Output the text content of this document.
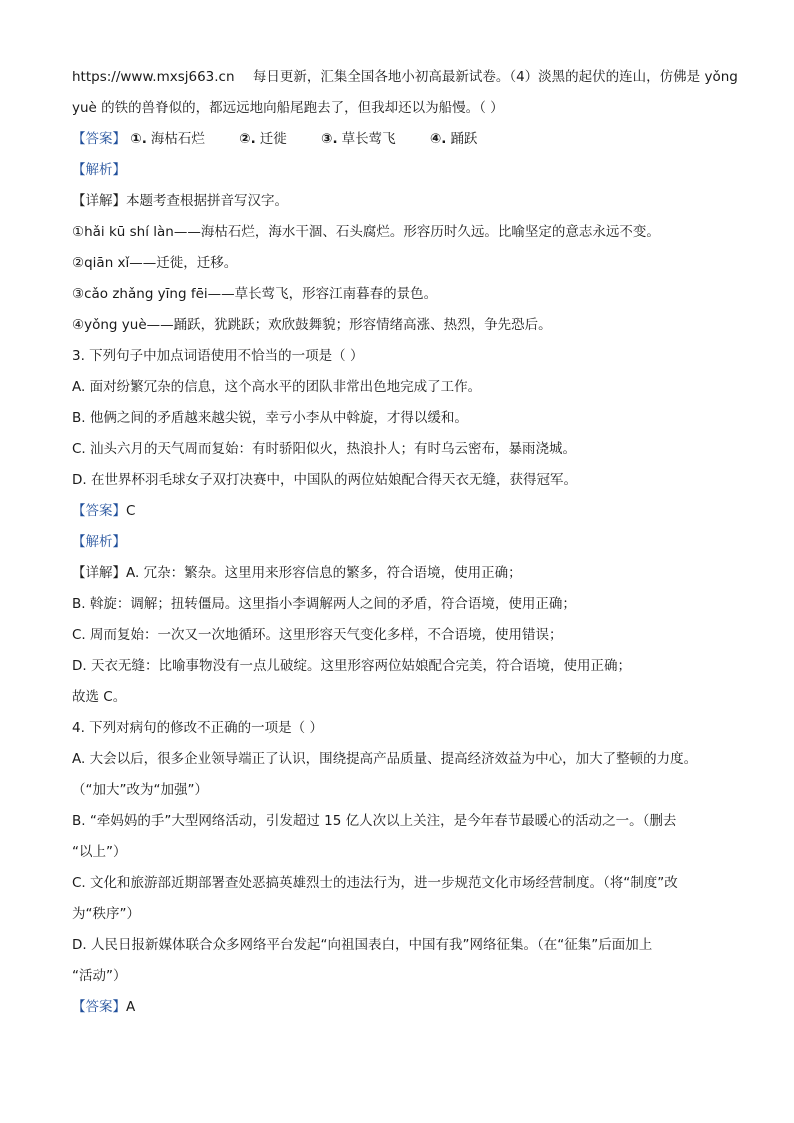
https://www.mxsj663.cn 每日更新，汇集全国各地小初高最新试卷。（4）淡黑的起伏的连山，仿佛是 yǒng
yuè 的铁的兽脊似的，都远远地向船尾跑去了，但我却还以为船慢。（ ）
【答案】 ①. 海枯石烂	②. 迁徙	③. 草长莺飞	④. 踊跃
【解析】
【详解】本题考查根据拼音写汉字。
①hǎi kū shí làn——海枯石烂，海水干涸、石头腐烂。形容历时久远。比喻坚定的意志永远不变。
②qiān xǐ——迁徙，迁移。
③cǎo zhǎng yīng fēi——草长莺飞，形容江南暮春的景色。
④yǒng yuè——踊跃，犹跳跃；欢欣鼓舞貌；形容情绪高涨、热烈，争先恐后。
3. 下列句子中加点词语使用不恰当的一项是（ ）
A. 面对纷繁冗杂的信息，这个高水平的团队非常出色地完成了工作。
B. 他俩之间的矛盾越来越尖锐，幸亏小李从中斡旋，才得以缓和。
C. 汕头六月的天气周而复始：有时骄阳似火，热浪扑人；有时乌云密布，暴雨浇城。
D. 在世界杯羽毛球女子双打决赛中，中国队的两位姑娘配合得天衣无缝，获得冠军。
【答案】C
【解析】
【详解】A. 冗杂：繁杂。这里用来形容信息的繁多，符合语境，使用正确；
B. 斡旋：调解；扭转僵局。这里指小李调解两人之间的矛盾，符合语境，使用正确；
C. 周而复始：一次又一次地循环。这里形容天气变化多样，不合语境，使用错误；
D. 天衣无缝：比喻事物没有一点儿破绽。这里形容两位姑娘配合完美，符合语境，使用正确；
故选 C。
4. 下列对病句的修改不正确的一项是（ ）
A. 大会以后，很多企业领导端正了认识，围绕提高产品质量、提高经济效益为中心，加大了整顿的力度。
（“加大”改为“加强”）
B. “牵妈妈的手”大型网络活动，引发超过 15 亿人次以上关注，是今年春节最暖心的活动之一。（删去
“以上”）
C. 文化和旅游部近期部署查处恶搞英雄烈士的违法行为，进一步规范文化市场经营制度。（将“制度”改
为“秩序”）
D. 人民日报新媒体联合众多网络平台发起“向祖国表白，中国有我”网络征集。（在“征集”后面加上
“活动”）
【答案】A
